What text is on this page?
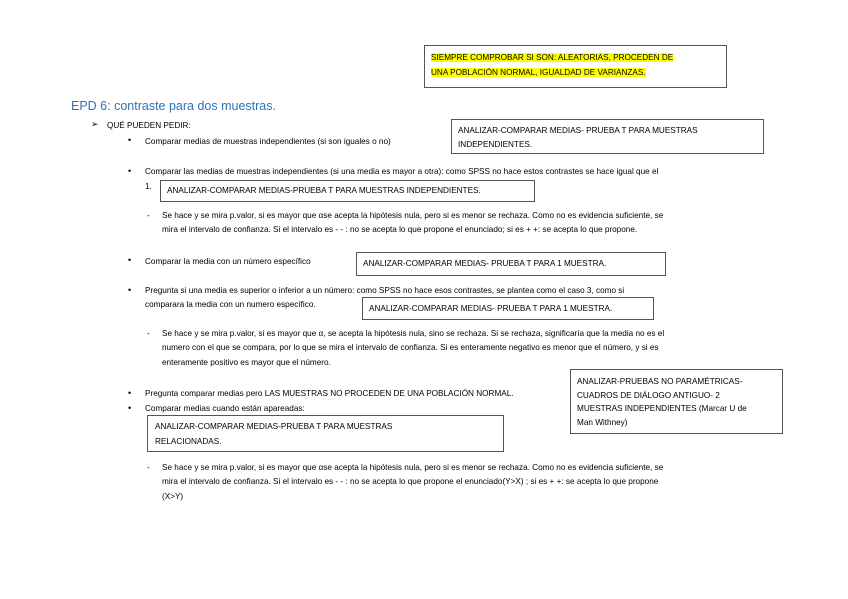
SIEMPRE COMPROBAR SI SON: ALEATORIAS, PROCEDEN DE
UNA POBLACIÓN NORMAL, IGUALDAD DE VARIANZAS.
EPD 6: contraste para dos muestras.
➢ QUÉ PUEDEN PEDIR:
• Comparar medias de muestras independientes (si son iguales o no)
ANALIZAR-COMPARAR MEDIAS- PRUEBA T PARA MUESTRAS
INDEPENDIENTES.
• Comparar las medias de muestras independientes (si una media es mayor a otra): como SPSS no hace estos contrastes se hace igual que el
1.	ANALIZAR-COMPARAR MEDIAS-PRUEBA T PARA MUESTRAS INDEPENDIENTES.
- Se hace y se mira p.valor, si es mayor que αse acepta la hipótesis nula, pero si es menor se rechaza. Como no es evidencia suficiente, se
mira el intervalo de confianza. Si el intervalo es - - : no se acepta lo que propone el enunciado; si es + +: se acepta lo que propone.
• Comparar la media con un número específico	ANALIZAR-COMPARAR MEDIAS- PRUEBA T PARA 1 MUESTRA.
• Pregunta si una media es superior o inferior a un número: como SPSS no hace esos contrastes, se plantea como el caso 3, como si
comparara la media con un numero específico.	ANALIZAR-COMPARAR MEDIAS- PRUEBA T PARA 1 MUESTRA.
- Se hace y se mira p.valor, si es mayor que α, se acepta la hipótesis nula, sino se rechaza. Si se rechaza, significaría que la media no es el
numero con el que se compara, por lo que se mira el intervalo de confianza. Si es enteramente negativo es menor que el número, y si es
enteramente positivo es mayor que el número.
• Pregunta comparar medias pero LAS MUESTRAS NO PROCEDEN DE UNA POBLACIÓN NORMAL.
ANALIZAR-PRUEBAS NO PARAMÉTRICAS-
CUADROS DE DIÁLOGO ANTIGUO- 2
MUESTRAS INDEPENDIENTES (Marcar U de
Man Withney)
• Comparar medias cuando están apareadas:
ANALIZAR-COMPARAR MEDIAS-PRUEBA T PARA MUESTRAS
RELACIONADAS.
- Se hace y se mira p.valor, si es mayor que αse acepta la hipótesis nula, pero si es menor se rechaza. Como no es evidencia suficiente, se
mira el intervalo de confianza. Si el intervalo es - - : no se acepta lo que propone el enunciado(Y>X) ; si es + +: se acepta lo que propone
(X>Y)
